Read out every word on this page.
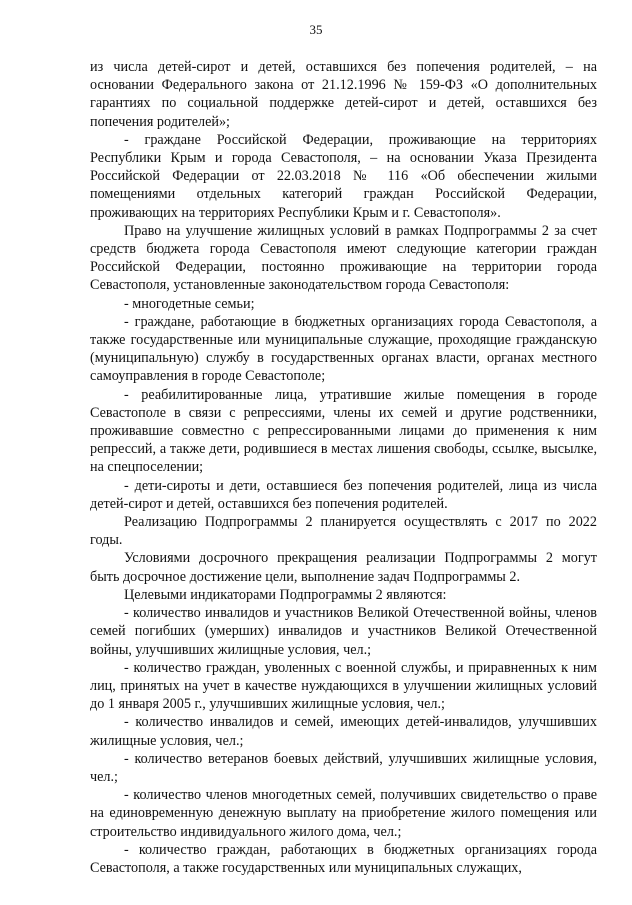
35

из числа детей-сирот и детей, оставшихся без попечения родителей, – на основании Федерального закона от 21.12.1996 № 159-ФЗ «О дополнительных гарантиях по социальной поддержке детей-сирот и детей, оставшихся без попечения родителей»;

- граждане Российской Федерации, проживающие на территориях Республики Крым и города Севастополя, – на основании Указа Президента Российской Федерации от 22.03.2018 № 116 «Об обеспечении жилыми помещениями отдельных категорий граждан Российской Федерации, проживающих на территориях Республики Крым и г. Севастополя».

Право на улучшение жилищных условий в рамках Подпрограммы 2 за счет средств бюджета города Севастополя имеют следующие категории граждан Российской Федерации, постоянно проживающие на территории города Севастополя, установленные законодательством города Севастополя:

- многодетные семьи;

- граждане, работающие в бюджетных организациях города Севастополя, а также государственные или муниципальные служащие, проходящие гражданскую (муниципальную) службу в государственных органах власти, органах местного самоуправления в городе Севастополе;

- реабилитированные лица, утратившие жилые помещения в городе Севастополе в связи с репрессиями, члены их семей и другие родственники, проживавшие совместно с репрессированными лицами до применения к ним репрессий, а также дети, родившиеся в местах лишения свободы, ссылке, высылке, на спецпоселении;

- дети-сироты и дети, оставшиеся без попечения родителей, лица из числа детей-сирот и детей, оставшихся без попечения родителей.

Реализацию Подпрограммы 2 планируется осуществлять с 2017 по 2022 годы.

Условиями досрочного прекращения реализации Подпрограммы 2 могут быть досрочное достижение цели, выполнение задач Подпрограммы 2.

Целевыми индикаторами Подпрограммы 2 являются:

- количество инвалидов и участников Великой Отечественной войны, членов семей погибших (умерших) инвалидов и участников Великой Отечественной войны, улучшивших жилищные условия, чел.;

- количество граждан, уволенных с военной службы, и приравненных к ним лиц, принятых на учет в качестве нуждающихся в улучшении жилищных условий до 1 января 2005 г., улучшивших жилищные условия, чел.;

- количество инвалидов и семей, имеющих детей-инвалидов, улучшивших жилищные условия, чел.;

- количество ветеранов боевых действий, улучшивших жилищные условия, чел.;

- количество членов многодетных семей, получивших свидетельство о праве на единовременную денежную выплату на приобретение жилого помещения или строительство индивидуального жилого дома, чел.;

- количество граждан, работающих в бюджетных организациях города Севастополя, а также государственных или муниципальных служащих,
